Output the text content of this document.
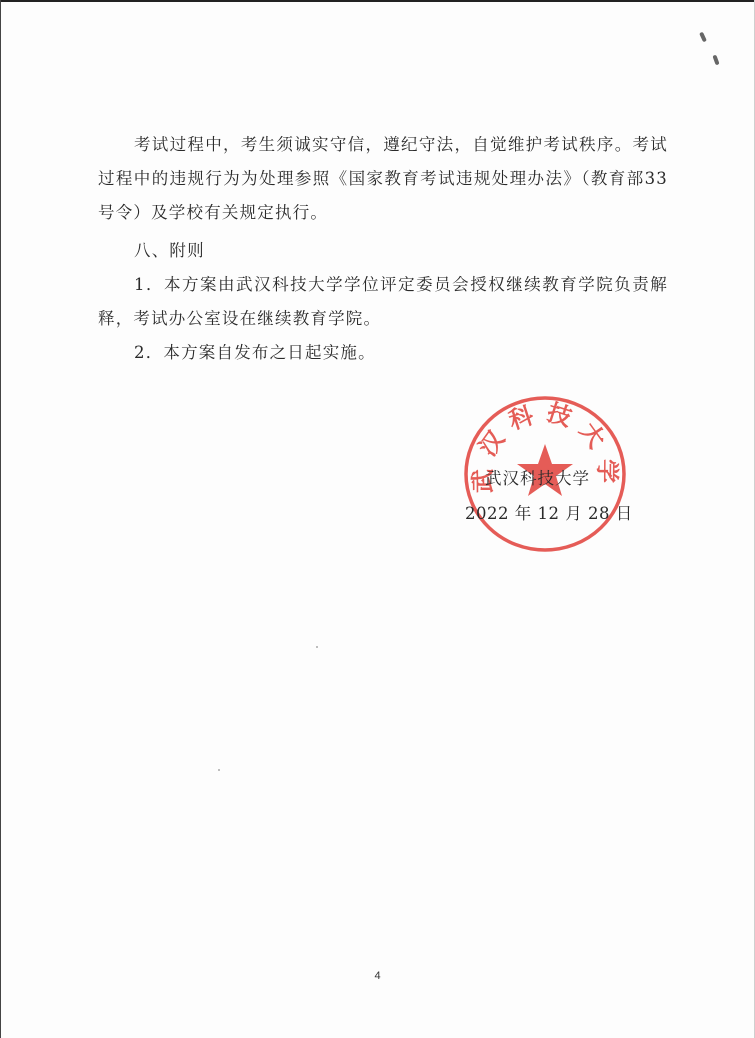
考试过程中，考生须诚实守信，遵纪守法，自觉维护考试秩序。考试过程中的违规行为为处理参照《国家教育考试违规处理办法》（教育部33号令）及学校有关规定执行。

八、附则

1．本方案由武汉科技大学学位评定委员会授权继续教育学院负责解释，考试办公室设在继续教育学院。

2．本方案自发布之日起实施。

武汉科技大学
武汉科技大学
2022 年 12 月 28 日
4
